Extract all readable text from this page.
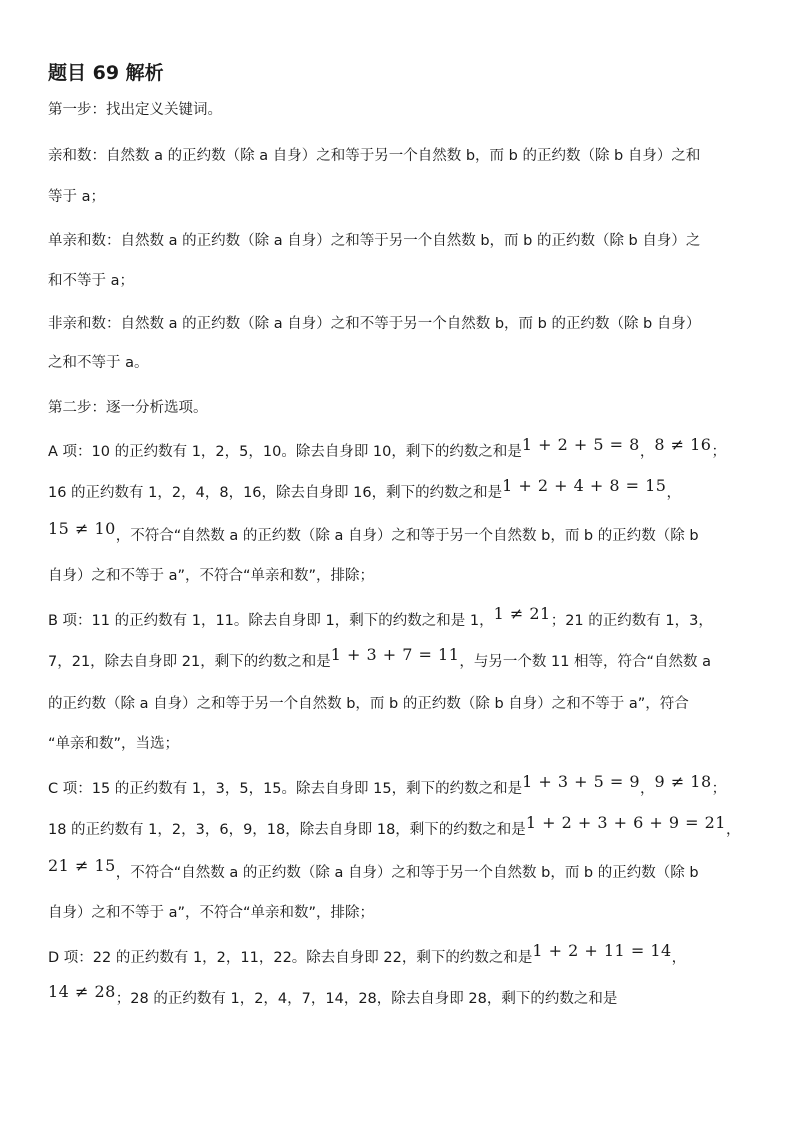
题目 69 解析
第一步：找出定义关键词。
亲和数：自然数 a 的正约数（除 a 自身）之和等于另一个自然数 b，而 b 的正约数（除 b 自身）之和
等于 a；
单亲和数：自然数 a 的正约数（除 a 自身）之和等于另一个自然数 b，而 b 的正约数（除 b 自身）之
和不等于 a；
非亲和数：自然数 a 的正约数（除 a 自身）之和不等于另一个自然数 b，而 b 的正约数（除 b 自身）
之和不等于 a。
第二步：逐一分析选项。
A 项：10 的正约数有 1，2，5，10。除去自身即 10，剩下的约数之和是1 + 2 + 5 = 8，8 ≠ 16；
16 的正约数有 1，2，4，8，16，除去自身即 16，剩下的约数之和是1 + 2 + 4 + 8 = 15，
15 ≠ 10，不符合“自然数 a 的正约数（除 a 自身）之和等于另一个自然数 b，而 b 的正约数（除 b
自身）之和不等于 a”，不符合“单亲和数”，排除；
B 项：11 的正约数有 1，11。除去自身即 1，剩下的约数之和是 1，1 ≠ 21；21 的正约数有 1，3，
7，21，除去自身即 21，剩下的约数之和是1 + 3 + 7 = 11，与另一个数 11 相等，符合“自然数 a
的正约数（除 a 自身）之和等于另一个自然数 b，而 b 的正约数（除 b 自身）之和不等于 a”，符合
“单亲和数”，当选；
C 项：15 的正约数有 1，3，5，15。除去自身即 15，剩下的约数之和是1 + 3 + 5 = 9，9 ≠ 18；
18 的正约数有 1，2，3，6，9，18，除去自身即 18，剩下的约数之和是1 + 2 + 3 + 6 + 9 = 21，
21 ≠ 15，不符合“自然数 a 的正约数（除 a 自身）之和等于另一个自然数 b，而 b 的正约数（除 b
自身）之和不等于 a”，不符合“单亲和数”，排除；
D 项：22 的正约数有 1，2，11，22。除去自身即 22，剩下的约数之和是1 + 2 + 11 = 14，
14 ≠ 28；28 的正约数有 1，2，4，7，14，28，除去自身即 28，剩下的约数之和是
